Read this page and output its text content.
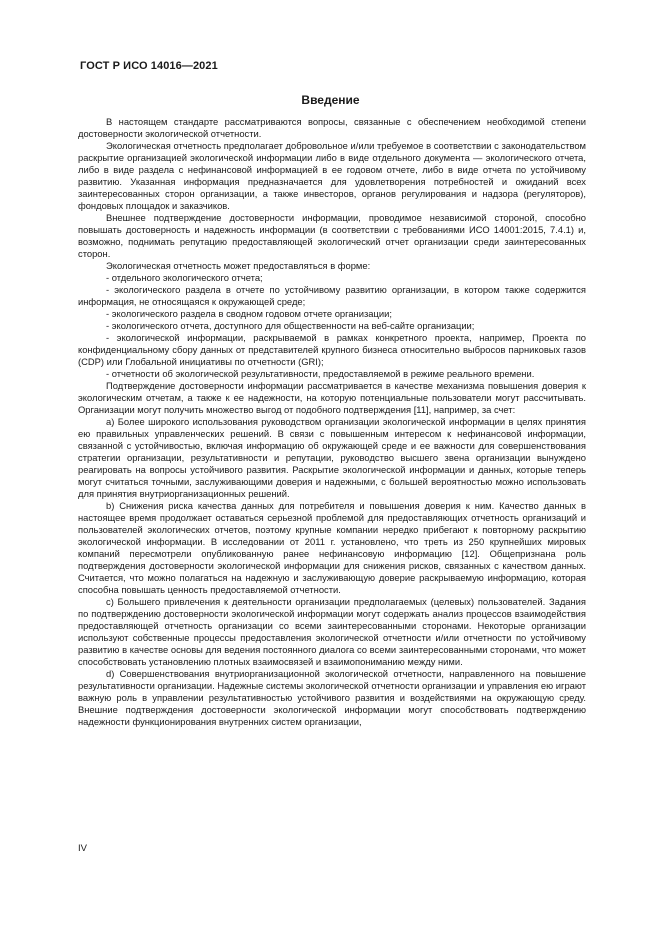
ГОСТ Р ИСО 14016—2021
Введение

В настоящем стандарте рассматриваются вопросы, связанные с обеспечением необходимой степени достоверности экологической отчетности.

Экологическая отчетность предполагает добровольное и/или требуемое в соответствии с законодательством раскрытие организацией экологической информации либо в виде отдельного документа — экологического отчета, либо в виде раздела с нефинансовой информацией в ее годовом отчете, либо в виде отчета по устойчивому развитию. Указанная информация предназначается для удовлетворения потребностей и ожиданий всех заинтересованных сторон организации, а также инвесторов, органов регулирования и надзора (регуляторов), фондовых площадок и заказчиков.

Внешнее подтверждение достоверности информации, проводимое независимой стороной, способно повышать достоверность и надежность информации (в соответствии с требованиями ИСО 14001:2015, 7.4.1) и, возможно, поднимать репутацию предоставляющей экологический отчет организации среди заинтересованных сторон.

Экологическая отчетность может предоставляться в форме:

- отдельного экологического отчета;

- экологического раздела в отчете по устойчивому развитию организации, в котором также содержится информация, не относящаяся к окружающей среде;

- экологического раздела в сводном годовом отчете организации;

- экологического отчета, доступного для общественности на веб-сайте организации;

- экологической информации, раскрываемой в рамках конкретного проекта, например, Проекта по конфиденциальному сбору данных от представителей крупного бизнеса относительно выбросов парниковых газов (CDP) или Глобальной инициативы по отчетности (GRI);

- отчетности об экологической результативности, предоставляемой в режиме реального времени.

Подтверждение достоверности информации рассматривается в качестве механизма повышения доверия к экологическим отчетам, а также к ее надежности, на которую потенциальные пользователи могут рассчитывать. Организации могут получить множество выгод от подобного подтверждения [11], например, за счет:

a) Более широкого использования руководством организации экологической информации в целях принятия ею правильных управленческих решений. В связи с повышенным интересом к нефинансовой информации, связанной с устойчивостью, включая информацию об окружающей среде и ее важности для совершенствования стратегии организации, результативности и репутации, руководство высшего звена организации вынуждено реагировать на вопросы устойчивого развития. Раскрытие экологической информации и данных, которые теперь могут считаться точными, заслуживающими доверия и надежными, с большей вероятностью можно использовать для принятия внутриорганизационных решений.

b) Снижения риска качества данных для потребителя и повышения доверия к ним. Качество данных в настоящее время продолжает оставаться серьезной проблемой для предоставляющих отчетность организаций и пользователей экологических отчетов, поэтому крупные компании нередко прибегают к повторному раскрытию экологической информации. В исследовании от 2011 г. установлено, что треть из 250 крупнейших мировых компаний пересмотрели опубликованную ранее нефинансовую информацию [12]. Общепризнана роль подтверждения достоверности экологической информации для снижения рисков, связанных с качеством данных. Считается, что можно полагаться на надежную и заслуживающую доверие раскрываемую информацию, которая способна повышать ценность предоставляемой отчетности.

c) Большего привлечения к деятельности организации предполагаемых (целевых) пользователей. Задания по подтверждению достоверности экологической информации могут содержать анализ процессов взаимодействия предоставляющей отчетность организации со всеми заинтересованными сторонами. Некоторые организации используют собственные процессы предоставления экологической отчетности и/или отчетности по устойчивому развитию в качестве основы для ведения постоянного диалога со всеми заинтересованными сторонами, что может способствовать установлению плотных взаимосвязей и взаимопониманию между ними.

d) Совершенствования внутриорганизационной экологической отчетности, направленного на повышение результативности организации. Надежные системы экологической отчетности организации и управления ею играют важную роль в управлении результативностью устойчивого развития и воздействиями на окружающую среду. Внешние подтверждения достоверности экологической информации могут способствовать подтверждению надежности функционирования внутренних систем организации,

IV
